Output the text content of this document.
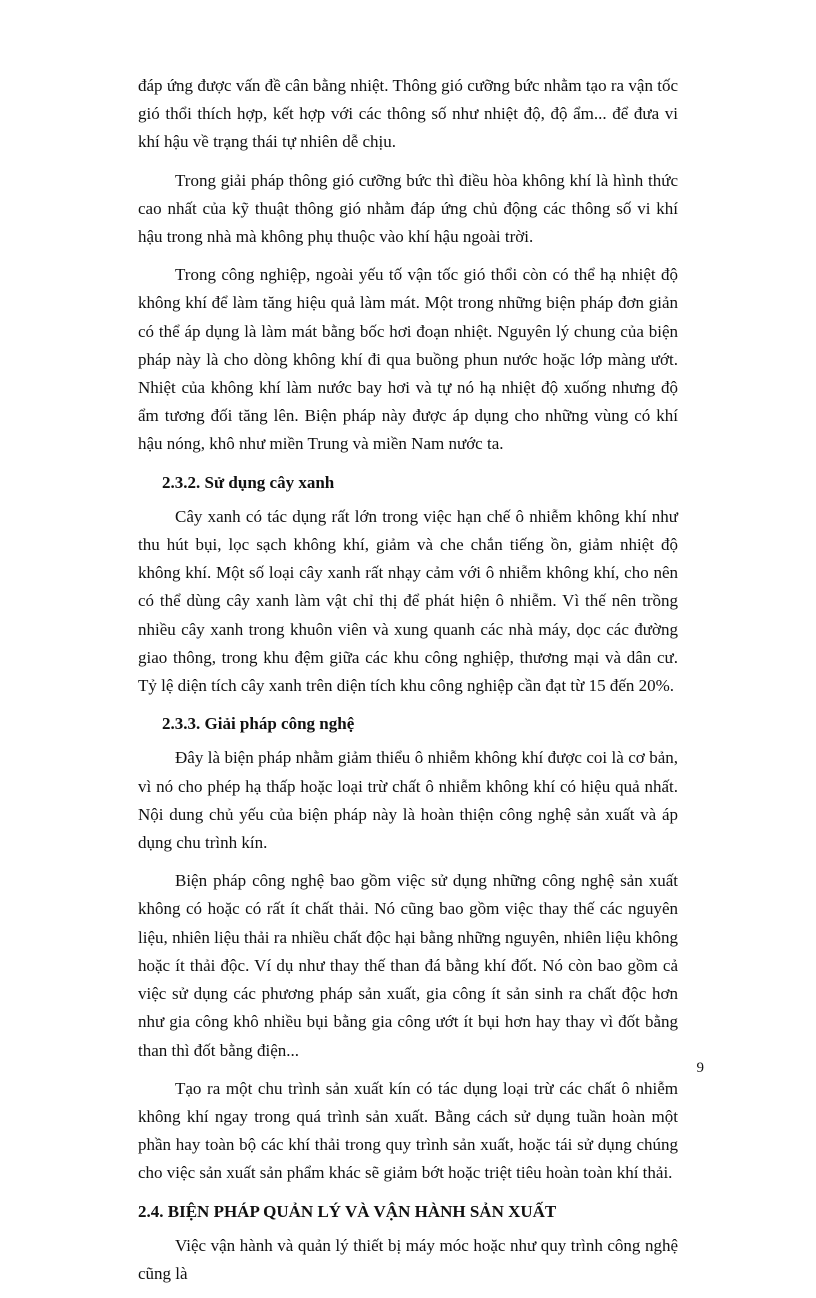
đáp ứng được vấn đề cân bằng nhiệt. Thông gió cưỡng bức nhằm tạo ra vận tốc gió thổi thích hợp, kết hợp với các thông số như nhiệt độ, độ ẩm... để đưa vi khí hậu về trạng thái tự nhiên dễ chịu.

Trong giải pháp thông gió cưỡng bức thì điều hòa không khí là hình thức cao nhất của kỹ thuật thông gió nhằm đáp ứng chủ động các thông số vi khí hậu trong nhà mà không phụ thuộc vào khí hậu ngoài trời.

Trong công nghiệp, ngoài yếu tố vận tốc gió thổi còn có thể hạ nhiệt độ không khí để làm tăng hiệu quả làm mát. Một trong những biện pháp đơn giản có thể áp dụng là làm mát bằng bốc hơi đoạn nhiệt. Nguyên lý chung của biện pháp này là cho dòng không khí đi qua buồng phun nước hoặc lớp màng ướt. Nhiệt của không khí làm nước bay hơi và tự nó hạ nhiệt độ xuống nhưng độ ẩm tương đối tăng lên. Biện pháp này được áp dụng cho những vùng có khí hậu nóng, khô như miền Trung và miền Nam nước ta.

2.3.2. Sử dụng cây xanh

Cây xanh có tác dụng rất lớn trong việc hạn chế ô nhiễm không khí như thu hút bụi, lọc sạch không khí, giảm và che chắn tiếng ồn, giảm nhiệt độ không khí. Một số loại cây xanh rất nhạy cảm với ô nhiễm không khí, cho nên có thể dùng cây xanh làm vật chỉ thị để phát hiện ô nhiễm. Vì thế nên trồng nhiều cây xanh trong khuôn viên và xung quanh các nhà máy, dọc các đường giao thông, trong khu đệm giữa các khu công nghiệp, thương mại và dân cư. Tỷ lệ diện tích cây xanh trên diện tích khu công nghiệp cần đạt từ 15 đến 20%.

2.3.3. Giải pháp công nghệ

Đây là biện pháp nhằm giảm thiểu ô nhiễm không khí được coi là cơ bản, vì nó cho phép hạ thấp hoặc loại trừ chất ô nhiễm không khí có hiệu quả nhất. Nội dung chủ yếu của biện pháp này là hoàn thiện công nghệ sản xuất và áp dụng chu trình kín.

Biện pháp công nghệ bao gồm việc sử dụng những công nghệ sản xuất không có hoặc có rất ít chất thải. Nó cũng bao gồm việc thay thế các nguyên liệu, nhiên liệu thải ra nhiều chất độc hại bằng những nguyên, nhiên liệu không hoặc ít thải độc. Ví dụ như thay thế than đá bằng khí đốt. Nó còn bao gồm cả việc sử dụng các phương pháp sản xuất, gia công ít sản sinh ra chất độc hơn như gia công khô nhiều bụi bằng gia công ướt ít bụi hơn hay thay vì đốt bằng than thì đốt bằng điện...

Tạo ra một chu trình sản xuất kín có tác dụng loại trừ các chất ô nhiễm không khí ngay trong quá trình sản xuất. Bằng cách sử dụng tuần hoàn một phần hay toàn bộ các khí thải trong quy trình sản xuất, hoặc tái sử dụng chúng cho việc sản xuất sản phẩm khác sẽ giảm bớt hoặc triệt tiêu hoàn toàn khí thải.

2.4. BIỆN PHÁP QUẢN LÝ VÀ VẬN HÀNH SẢN XUẤT

Việc vận hành và quản lý thiết bị máy móc hoặc như quy trình công nghệ cũng là

9
